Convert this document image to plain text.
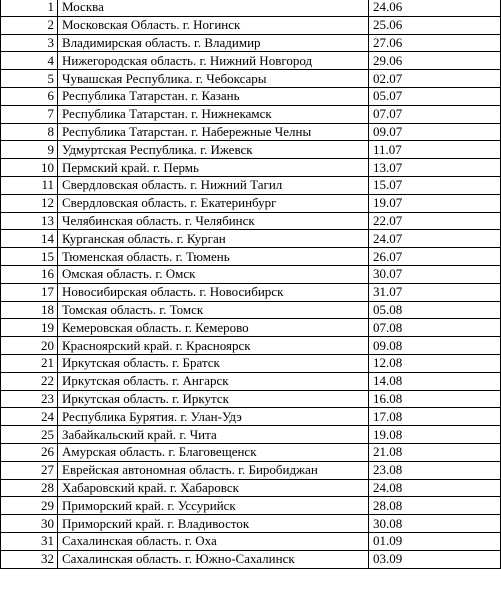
1	Москва	24.06
2	Московская Область. г. Ногинск	25.06
3	Владимирская область. г. Владимир	27.06
4	Нижегородская область. г. Нижний Новгород	29.06
5	Чувашская Республика. г. Чебоксары	02.07
6	Республика Татарстан. г. Казань	05.07
7	Республика Татарстан. г. Нижнекамск	07.07
8	Республика Татарстан. г. Набережные Челны	09.07
9	Удмуртская Республика. г. Ижевск	11.07
10	Пермский край. г. Пермь	13.07
11	Свердловская область. г. Нижний Тагил	15.07
12	Свердловская область. г. Екатеринбург	19.07
13	Челябинская область. г. Челябинск	22.07
14	Курганская область. г. Курган	24.07
15	Тюменская область. г. Тюмень	26.07
16	Омская область. г. Омск	30.07
17	Новосибирская область. г. Новосибирск	31.07
18	Томская область. г. Томск	05.08
19	Кемеровская область. г. Кемерово	07.08
20	Красноярский край. г. Красноярск	09.08
21	Иркутская область. г. Братск	12.08
22	Иркутская область. г. Ангарск	14.08
23	Иркутская область. г. Иркутск	16.08
24	Республика Бурятия. г. Улан-Удэ	17.08
25	Забайкальский край. г. Чита	19.08
26	Амурская область. г. Благовещенск	21.08
27	Еврейская автономная область. г. Биробиджан	23.08
28	Хабаровский край. г. Хабаровск	24.08
29	Приморский край. г. Уссурийск	28.08
30	Приморский край. г. Владивосток	30.08
31	Сахалинская область. г. Оха	01.09
32	Сахалинская область. г. Южно-Сахалинск	03.09
